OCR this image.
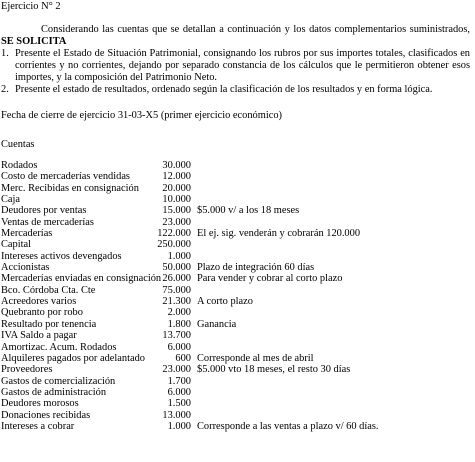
Ejercicio N° 2

Considerando las cuentas que se detallan a continuación y los datos complementarios suministrados, SE SOLICITA

1. Presente el Estado de Situación Patrimonial, consignando los rubros por sus importes totales, clasificados en corrientes y no corrientes, dejando por separado constancia de los cálculos que le permitieron obtener esos importes, y la composición del Patrimonio Neto.
2. Presente el estado de resultados, ordenado según la clasificación de los resultados y en forma lógica.
Fecha de cierre de ejercicio 31-03-X5 (primer ejercicio económico)
Cuentas
Rodados	30.000
Costo de mercaderías vendidas	12.000
Merc. Recibidas en consignación	20.000
Caja	10.000
Deudores por ventas	15.000 $5.000 v/ a los 18 meses
Ventas de mercaderías	23.000
Mercaderías	122.000 El ej. sig. venderán y cobrarán 120.000
Capital	250.000
Intereses activos devengados	1.000
Accionistas	50.000 Plazo de integración 60 días
Mercaderías enviadas en consignación 26.000 Para vender y cobrar al corto plazo
Bco. Córdoba Cta. Cte	75.000
Acreedores varios	21.300 A corto plazo
Quebranto por robo	2.000
Resultado por tenencia	1.800 Ganancia
IVA Saldo a pagar	13.700
Amortizac. Acum. Rodados	6.000
Alquileres pagados por adelantado	600 Corresponde al mes de abril
Proveedores	23.000 $5.000 vto 18 meses, el resto 30 días
Gastos de comercialización	1.700
Gastos de administración	6.000
Deudores morosos	1.500
Donaciones recibidas	13.000
Intereses a cobrar	1.000 Corresponde a las ventas a plazo v/ 60 días.
